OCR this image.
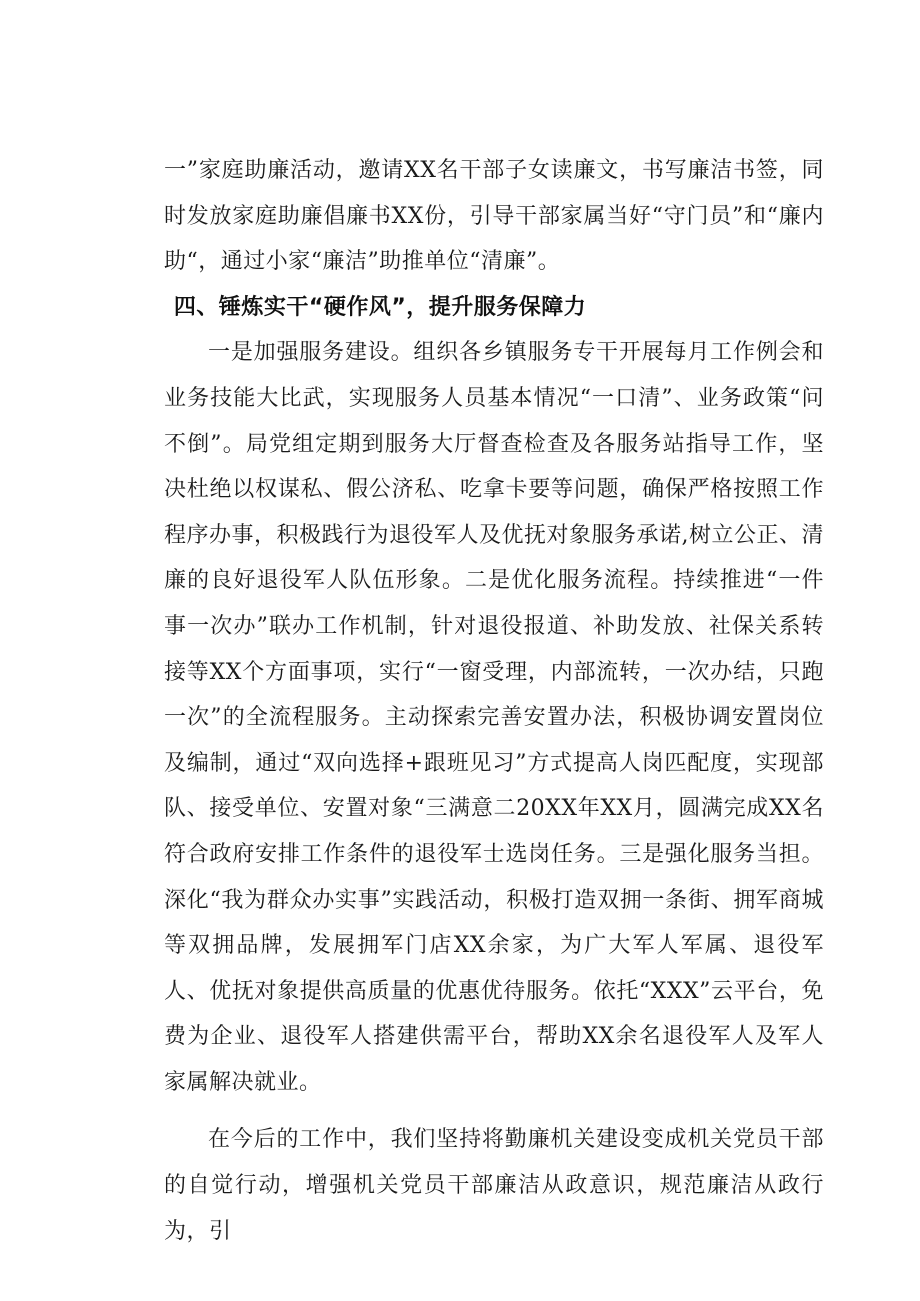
一”家庭助廉活动，邀请XX名干部子女读廉文，书写廉洁书签，同时发放家庭助廉倡廉书XX份，引导干部家属当好“守门员”和“廉内助“，通过小家“廉洁”助推单位“清廉”。

四、锤炼实干“硬作风”，提升服务保障力

一是加强服务建设。组织各乡镇服务专干开展每月工作例会和业务技能大比武，实现服务人员基本情况“一口清”、业务政策“问不倒”。局党组定期到服务大厅督查检查及各服务站指导工作，坚决杜绝以权谋私、假公济私、吃拿卡要等问题，确保严格按照工作程序办事，积极践行为退役军人及优抚对象服务承诺,树立公正、清廉的良好退役军人队伍形象。二是优化服务流程。持续推进“一件事一次办”联办工作机制，针对退役报道、补助发放、社保关系转接等XX个方面事项，实行“一窗受理，内部流转，一次办结，只跑一次”的全流程服务。主动探索完善安置办法，积极协调安置岗位及编制，通过“双向选择+跟班见习”方式提高人岗匹配度，实现部队、接受单位、安置对象“三满意二20XX年XX月，圆满完成XX名符合政府安排工作条件的退役军士选岗任务。三是强化服务当担。深化“我为群众办实事”实践活动，积极打造双拥一条街、拥军商城等双拥品牌，发展拥军门店XX余家，为广大军人军属、退役军人、优抚对象提供高质量的优惠优待服务。依托“XXX”云平台，免费为企业、退役军人搭建供需平台，帮助XX余名退役军人及军人家属解决就业。

在今后的工作中，我们坚持将勤廉机关建设变成机关党员干部的自觉行动，增强机关党员干部廉洁从政意识，规范廉洁从政行为，引
